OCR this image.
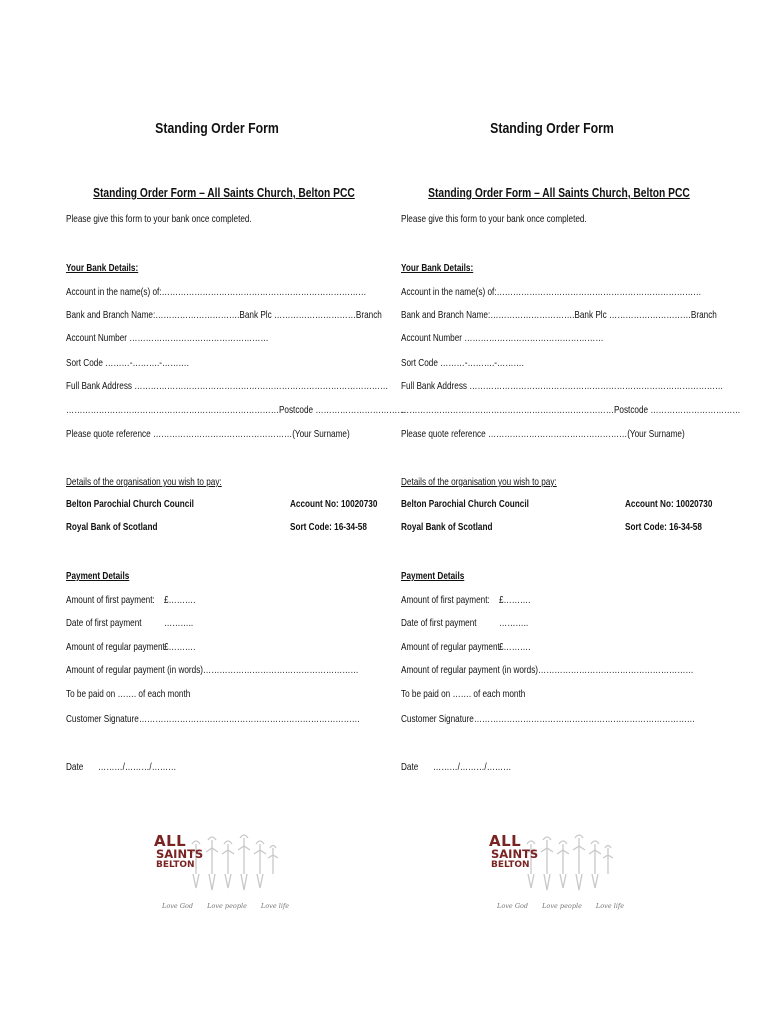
Standing Order Form
Standing Order Form – All Saints Church, Belton PCC
Please give this form to your bank once completed.
Your Bank Details:
Account in the name(s) of:…………………………………………………………………
Bank and Branch Name:………………………….Bank Plc …………………………Branch
Account Number ……………………………………………
Sort Code ………-……….-……….
Full Bank Address …………………………………………………………………………………
……………………………………………………………………Postcode ……………………………
Please quote reference ……………………………………………(Your Surname)
Details of the organisation you wish to pay:
Belton Parochial Church Council	Account No: 10020730
Royal Bank of Scotland	Sort Code: 16-34-58
Payment Details
Amount of first payment: £……….
Date of first payment ………..
Amount of regular payment £……….
Amount of regular payment (in words)…………………………………………………
To be paid on ……. of each month
Customer Signature………………………………………………………………………
Date ………/………/………
ALL
SAINTS
BELTON
Love God Love people Love life
Standing Order Form
Standing Order Form – All Saints Church, Belton PCC
Please give this form to your bank once completed.
Your Bank Details:
Account in the name(s) of:…………………………………………………………………
Bank and Branch Name:………………………….Bank Plc …………………………Branch
Account Number ……………………………………………
Sort Code ………-……….-……….
Full Bank Address …………………………………………………………………………………
……………………………………………………………………Postcode ……………………………
Please quote reference ……………………………………………(Your Surname)
Details of the organisation you wish to pay:
Belton Parochial Church Council	Account No: 10020730
Royal Bank of Scotland	Sort Code: 16-34-58
Payment Details
Amount of first payment: £……….
Date of first payment ………..
Amount of regular payment £……….
Amount of regular payment (in words)…………………………………………………
To be paid on ……. of each month
Customer Signature………………………………………………………………………
Date ………/………/………
ALL
SAINTS
BELTON
Love God Love people Love life
